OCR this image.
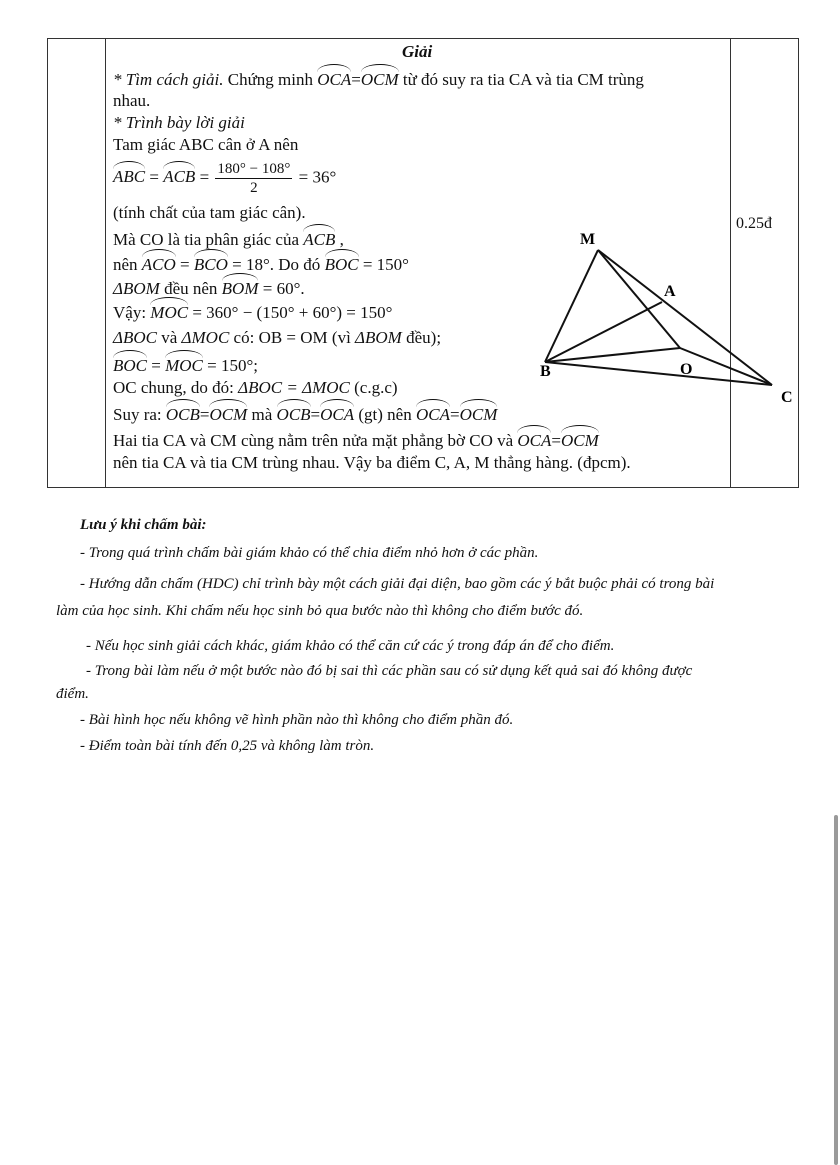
Giải
* Tìm cách giải. Chứng minh OCA=OCM từ đó suy ra tia CA và tia CM trùng
nhau.
* Trình bày lời giải
Tam giác ABC cân ở A nên
ABC = ACB = $\frac{180^\circ - 108^\circ}{2} = 36^\circ$
(tính chất của tam giác cân).
0.25đ
Mà CO là tia phân giác của ACB ,
nên ACO = BCO = 18°. Do đó BOC = 150°
ΔBOM đều nên BOM = 60°.
Vậy: MOC = 360° − (150° + 60°) = 150°
ΔBOC và ΔMOC có: OB = OM (vì ΔBOM đều);
BOC = MOC = 150°;
OC chung, do đó: ΔBOC = ΔMOC (c.g.c)
Suy ra: OCB=OCM mà OCB=OCA (gt) nên OCA=OCM
Hai tia CA và CM cùng nằm trên nửa mặt phẳng bờ CO và OCA=OCM
nên tia CA và tia CM trùng nhau. Vậy ba điểm C, A, M thẳng hàng. (đpcm).
M
A
O
B
C
Lưu ý khi chấm bài:
- Trong quá trình chấm bài giám khảo có thể chia điểm nhỏ hơn ở các phần.
- Hướng dẫn chấm (HDC) chỉ trình bày một cách giải đại diện, bao gồm các ý bắt buộc phải có trong bài
làm của học sinh. Khi chấm nếu học sinh bỏ qua bước nào thì không cho điểm bước đó.
- Nếu học sinh giải cách khác, giám khảo có thể căn cứ các ý trong đáp án để cho điểm.
- Trong bài làm nếu ở một bước nào đó bị sai thì các phần sau có sử dụng kết quả sai đó không được
điểm.
- Bài hình học nếu không vẽ hình phần nào thì không cho điểm phần đó.
- Điểm toàn bài tính đến 0,25 và không làm tròn.
